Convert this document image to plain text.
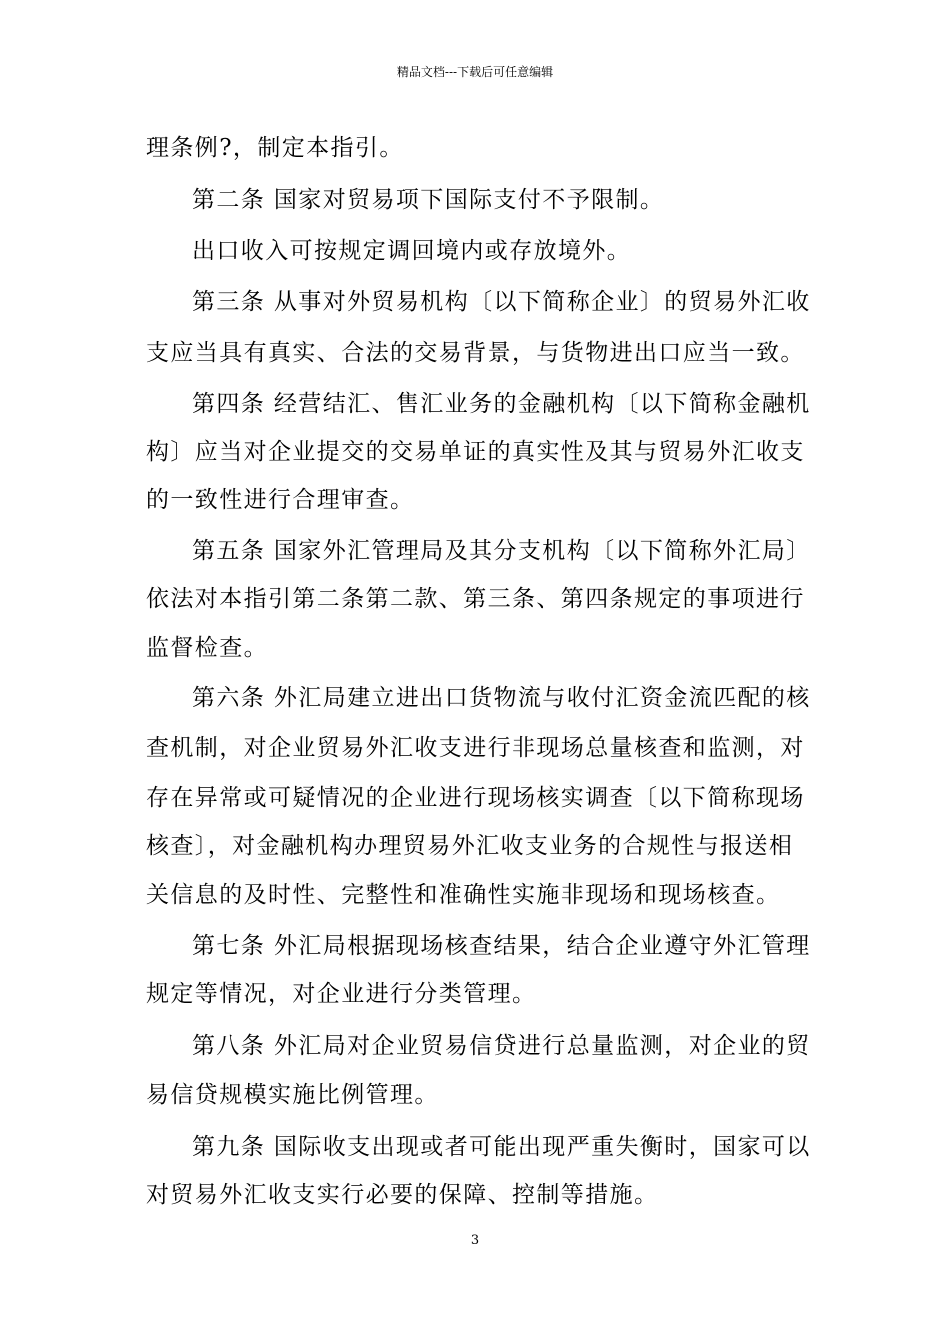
精品文档---下载后可任意编辑
理条例?，制定本指引。
第二条 国家对贸易项下国际支付不予限制。
出口收入可按规定调回境内或存放境外。
第三条 从事对外贸易机构〔以下简称企业〕的贸易外汇收
支应当具有真实、合法的交易背景，与货物进出口应当一致。
第四条 经营结汇、售汇业务的金融机构〔以下简称金融机
构〕应当对企业提交的交易单证的真实性及其与贸易外汇收支
的一致性进行合理审查。
第五条 国家外汇管理局及其分支机构〔以下简称外汇局〕
依法对本指引第二条第二款、第三条、第四条规定的事项进行
监督检查。
第六条 外汇局建立进出口货物流与收付汇资金流匹配的核
查机制，对企业贸易外汇收支进行非现场总量核查和监测，对
存在异常或可疑情况的企业进行现场核实调查〔以下简称现场
核查〕，对金融机构办理贸易外汇收支业务的合规性与报送相
关信息的及时性、完整性和准确性实施非现场和现场核查。
第七条 外汇局根据现场核查结果，结合企业遵守外汇管理
规定等情况，对企业进行分类管理。
第八条 外汇局对企业贸易信贷进行总量监测，对企业的贸
易信贷规模实施比例管理。
第九条 国际收支出现或者可能出现严重失衡时，国家可以
对贸易外汇收支实行必要的保障、控制等措施。
3
